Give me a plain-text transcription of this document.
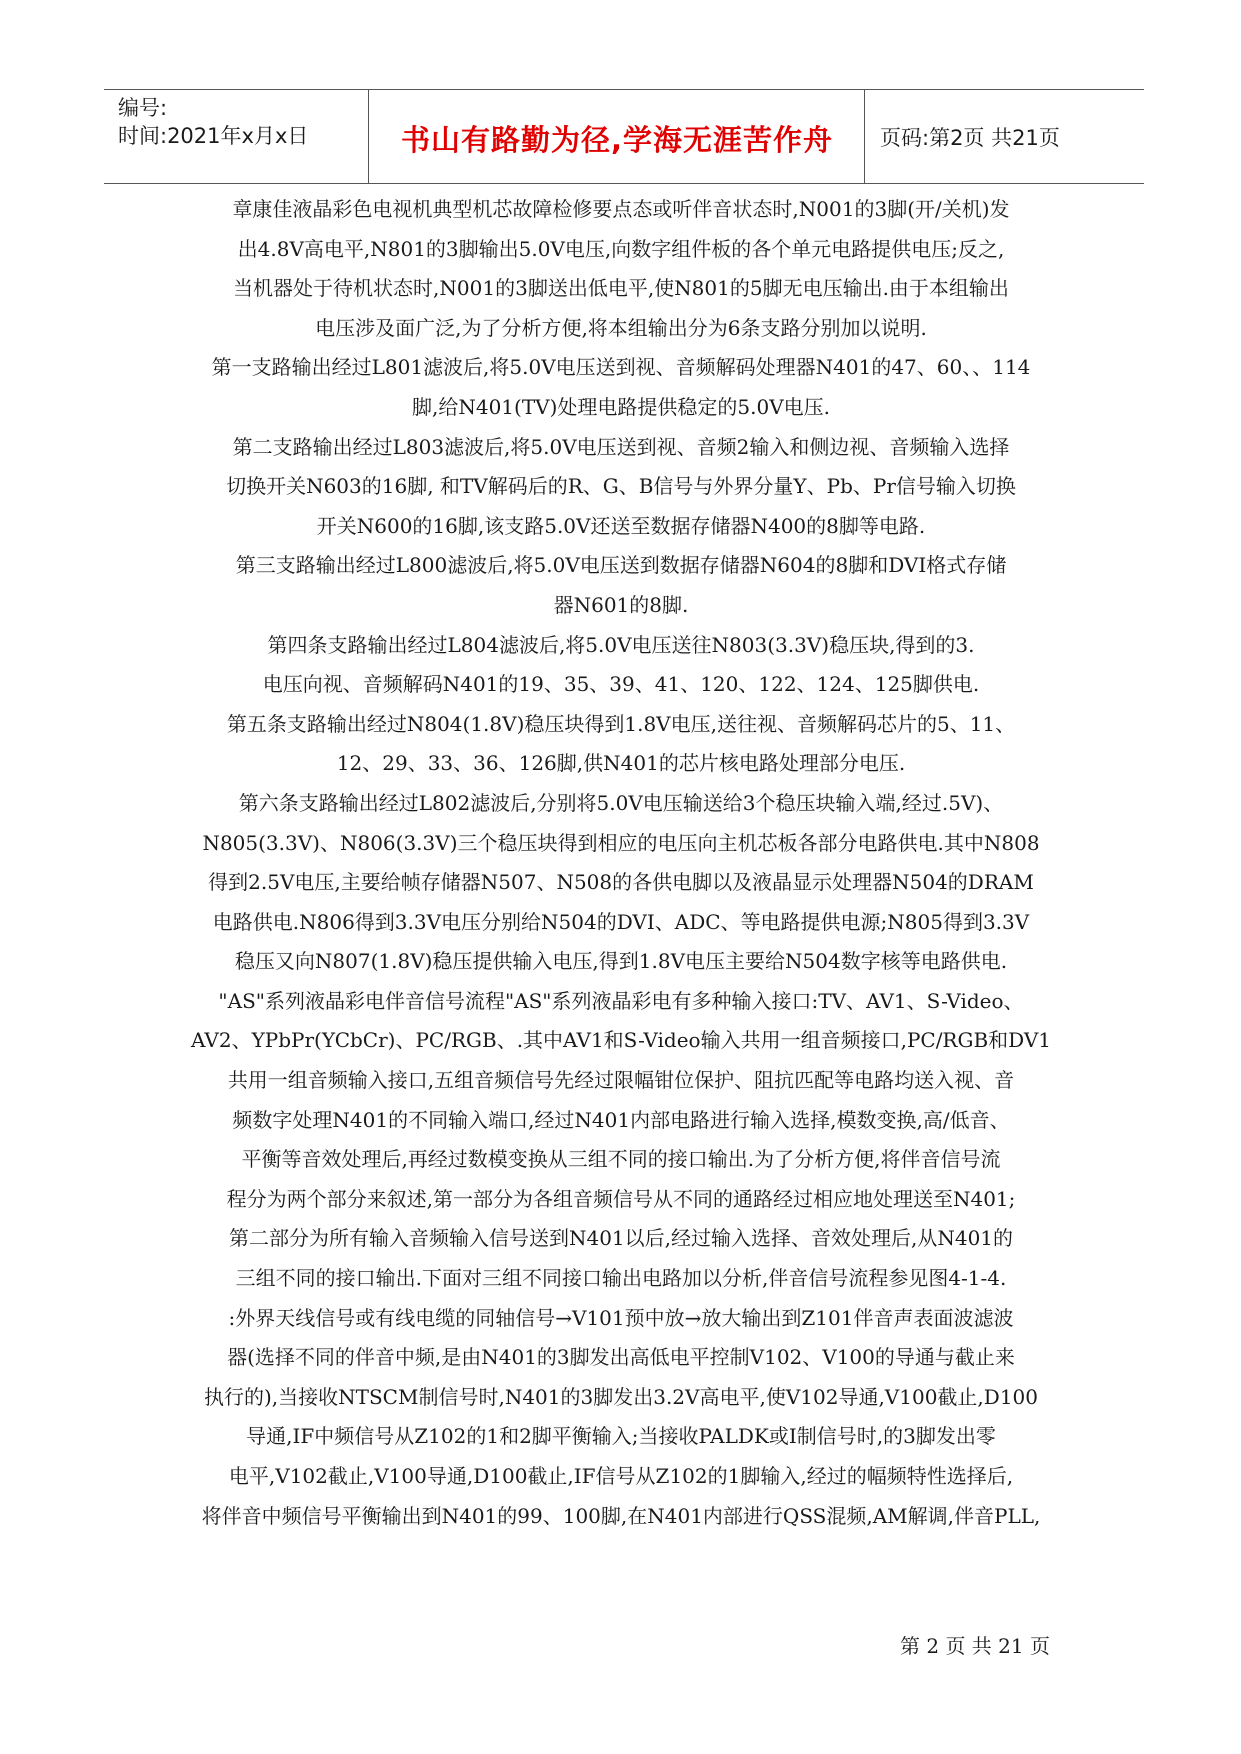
编号:
时间:2021年x月x日	书山有路勤为径,学海无涯苦作舟	页码:第2页 共21页
章康佳液晶彩色电视机典型机芯故障检修要点态或听伴音状态时,N001的3脚(开/关机)发
出4.8V高电平,N801的3脚输出5.0V电压,向数字组件板的各个单元电路提供电压;反之,
当机器处于待机状态时,N001的3脚送出低电平,使N801的5脚无电压输出.由于本组输出
电压涉及面广泛,为了分析方便,将本组输出分为6条支路分别加以说明.
第一支路输出经过L801滤波后,将5.0V电压送到视、音频解码处理器N401的47、60、、114
脚,给N401(TV)处理电路提供稳定的5.0V电压.
第二支路输出经过L803滤波后,将5.0V电压送到视、音频2输入和侧边视、音频输入选择
切换开关N603的16脚, 和TV解码后的R、G、B信号与外界分量Y、Pb、Pr信号输入切换
开关N600的16脚,该支路5.0V还送至数据存储器N400的8脚等电路.
第三支路输出经过L800滤波后,将5.0V电压送到数据存储器N604的8脚和DVI格式存储
器N601的8脚.
第四条支路输出经过L804滤波后,将5.0V电压送往N803(3.3V)稳压块,得到的3.
电压向视、音频解码N401的19、35、39、41、120、122、124、125脚供电.
第五条支路输出经过N804(1.8V)稳压块得到1.8V电压,送往视、音频解码芯片的5、11、
12、29、33、36、126脚,供N401的芯片核电路处理部分电压.
第六条支路输出经过L802滤波后,分别将5.0V电压输送给3个稳压块输入端,经过.5V)、
N805(3.3V)、N806(3.3V)三个稳压块得到相应的电压向主机芯板各部分电路供电.其中N808
得到2.5V电压,主要给帧存储器N507、N508的各供电脚以及液晶显示处理器N504的DRAM
电路供电.N806得到3.3V电压分别给N504的DVI、ADC、等电路提供电源;N805得到3.3V
稳压又向N807(1.8V)稳压提供输入电压,得到1.8V电压主要给N504数字核等电路供电.
"AS"系列液晶彩电伴音信号流程"AS"系列液晶彩电有多种输入接口:TV、AV1、S-Video、
AV2、YPbPr(YCbCr)、PC/RGB、.其中AV1和S-Video输入共用一组音频接口,PC/RGB和DV1
共用一组音频输入接口,五组音频信号先经过限幅钳位保护、阻抗匹配等电路均送入视、音
频数字处理N401的不同输入端口,经过N401内部电路进行输入选择,模数变换,高/低音、
平衡等音效处理后,再经过数模变换从三组不同的接口输出.为了分析方便,将伴音信号流
程分为两个部分来叙述,第一部分为各组音频信号从不同的通路经过相应地处理送至N401;
第二部分为所有输入音频输入信号送到N401以后,经过输入选择、音效处理后,从N401的
三组不同的接口输出.下面对三组不同接口输出电路加以分析,伴音信号流程参见图4-1-4.
:外界天线信号或有线电缆的同轴信号→V101预中放→放大输出到Z101伴音声表面波滤波
器(选择不同的伴音中频,是由N401的3脚发出高低电平控制V102、V100的导通与截止来
执行的),当接收NTSCM制信号时,N401的3脚发出3.2V高电平,使V102导通,V100截止,D100
导通,IF中频信号从Z102的1和2脚平衡输入;当接收PALDK或I制信号时,的3脚发出零
电平,V102截止,V100导通,D100截止,IF信号从Z102的1脚输入,经过的幅频特性选择后,
将伴音中频信号平衡输出到N401的99、100脚,在N401内部进行QSS混频,AM解调,伴音PLL,
第 2 页 共 21 页
